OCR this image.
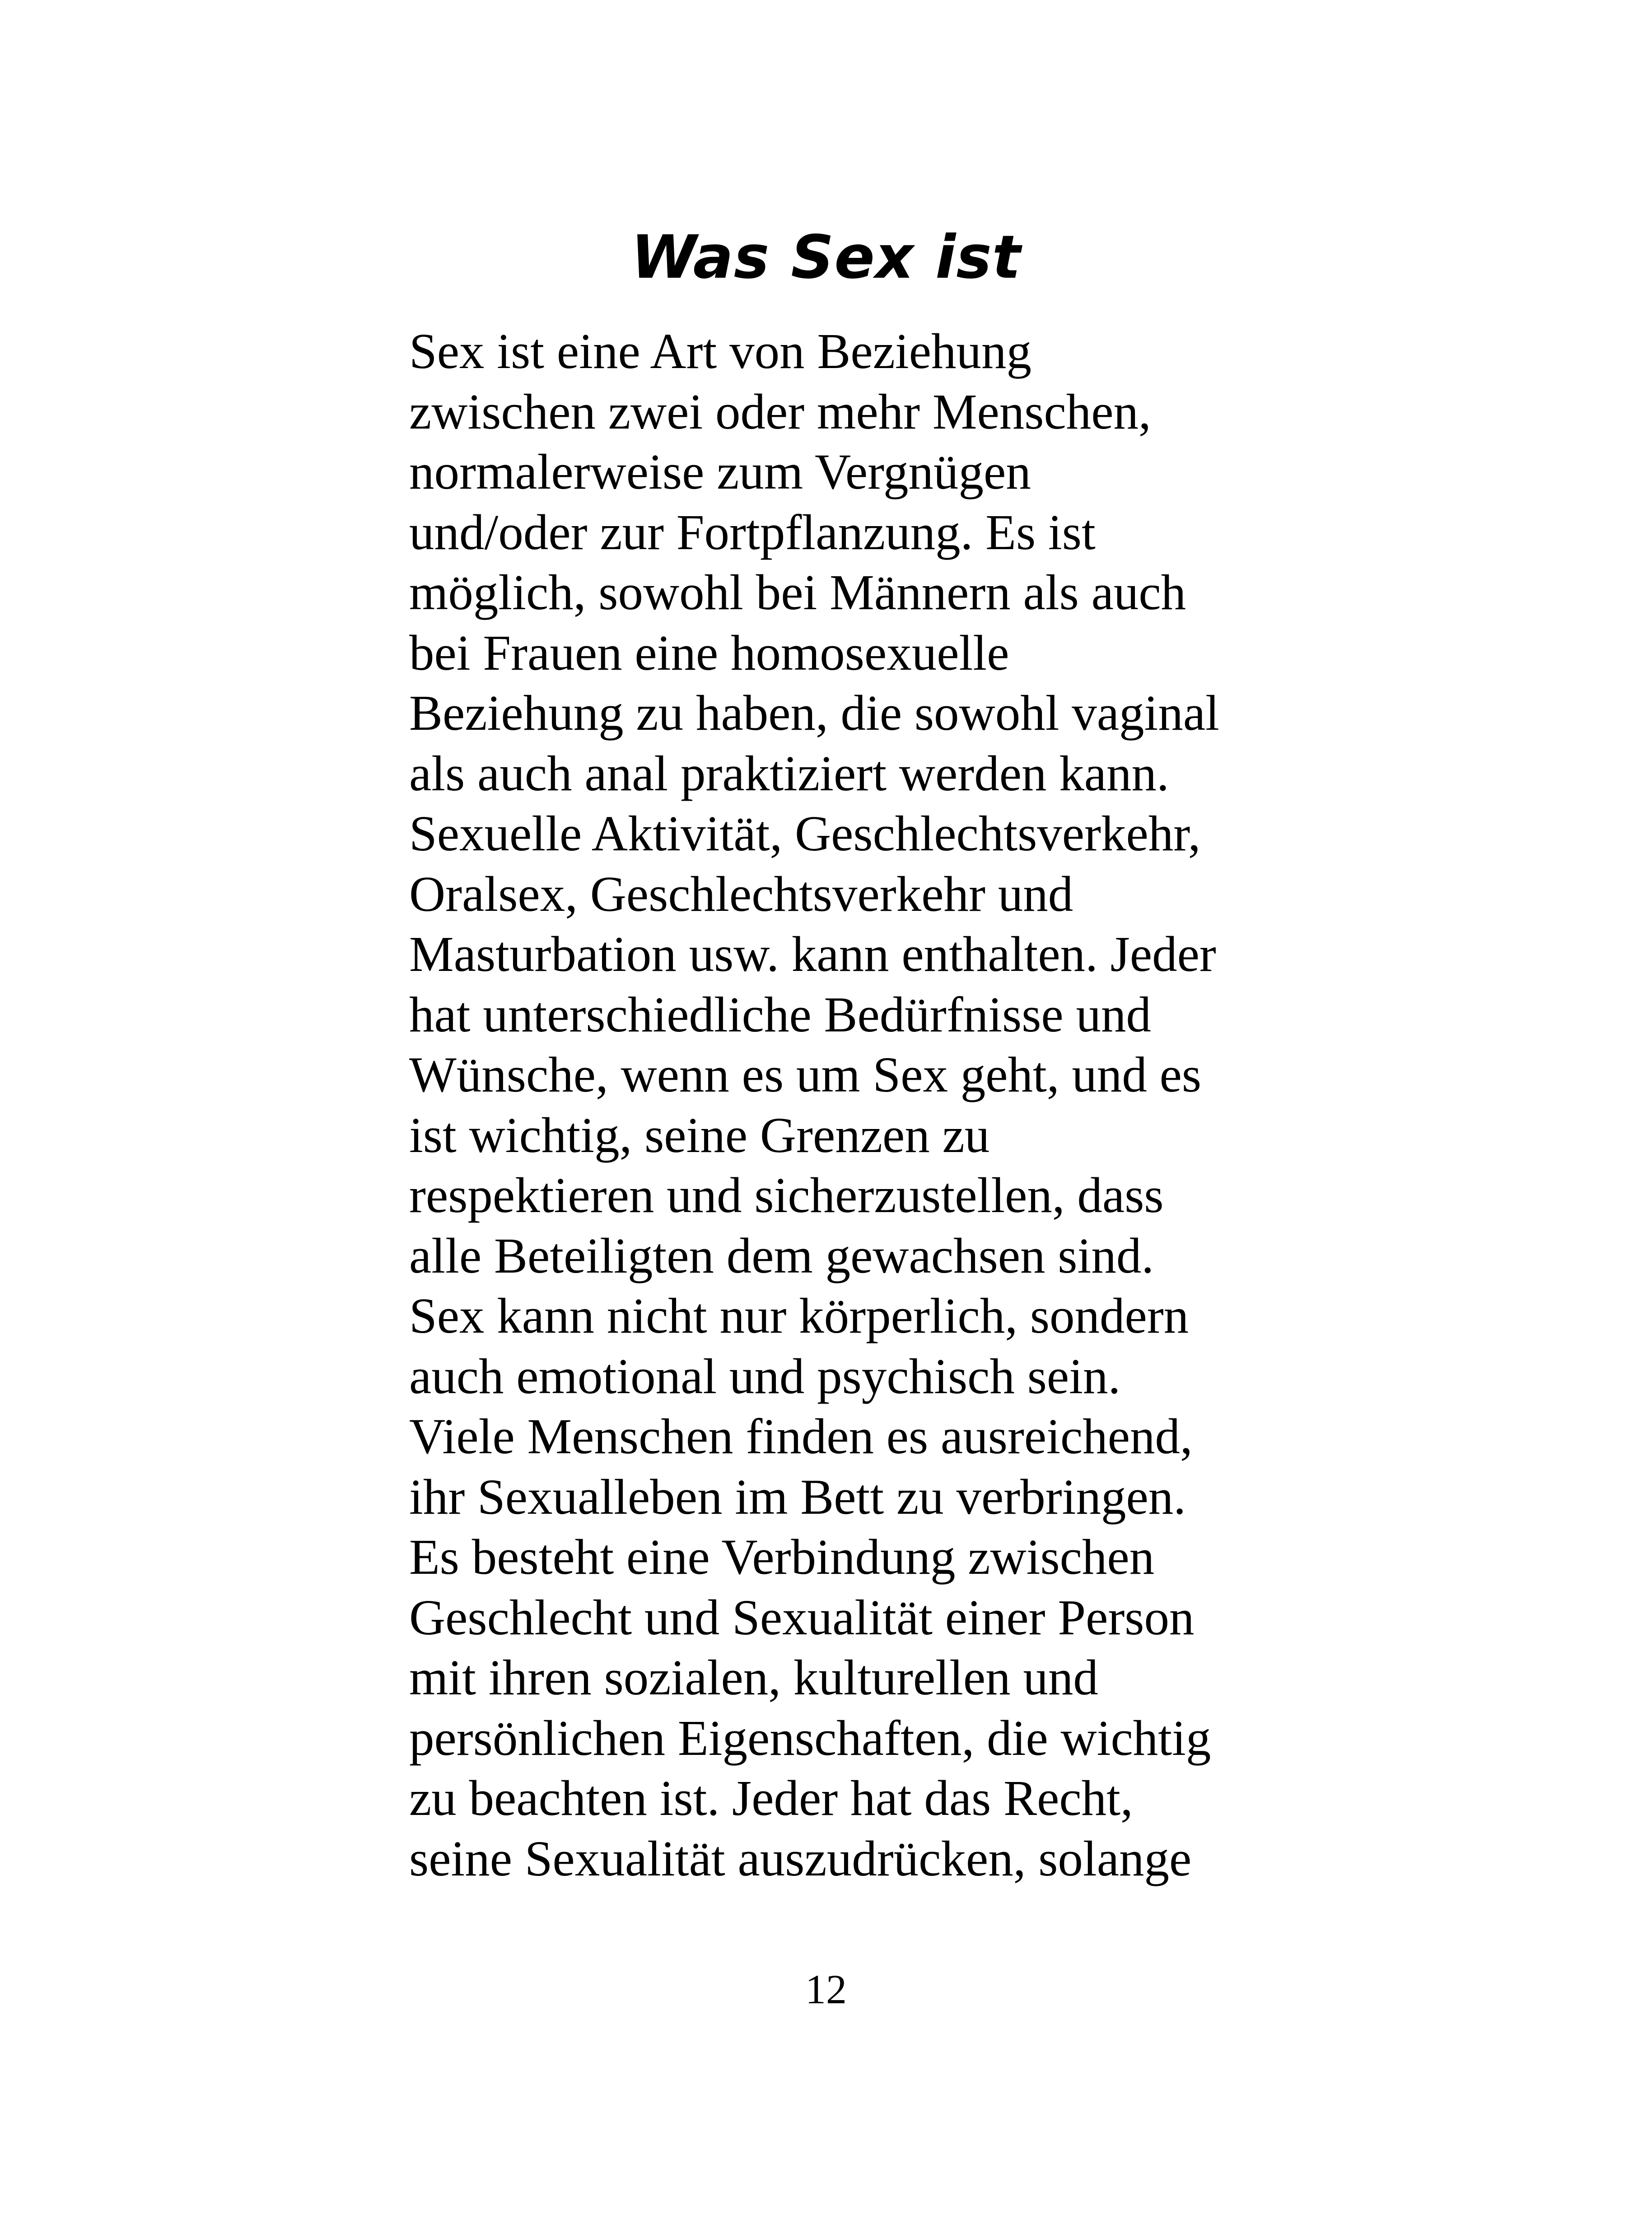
Was Sex ist
Sex ist eine Art von Beziehung
zwischen zwei oder mehr Menschen,
normalerweise zum Vergnügen
und/oder zur Fortpflanzung. Es ist
möglich, sowohl bei Männern als auch
bei Frauen eine homosexuelle
Beziehung zu haben, die sowohl vaginal
als auch anal praktiziert werden kann.
Sexuelle Aktivität, Geschlechtsverkehr,
Oralsex, Geschlechtsverkehr und
Masturbation usw. kann enthalten. Jeder
hat unterschiedliche Bedürfnisse und
Wünsche, wenn es um Sex geht, und es
ist wichtig, seine Grenzen zu
respektieren und sicherzustellen, dass
alle Beteiligten dem gewachsen sind.
Sex kann nicht nur körperlich, sondern
auch emotional und psychisch sein.
Viele Menschen finden es ausreichend,
ihr Sexualleben im Bett zu verbringen.
Es besteht eine Verbindung zwischen
Geschlecht und Sexualität einer Person
mit ihren sozialen, kulturellen und
persönlichen Eigenschaften, die wichtig
zu beachten ist. Jeder hat das Recht,
seine Sexualität auszudrücken, solange
12
